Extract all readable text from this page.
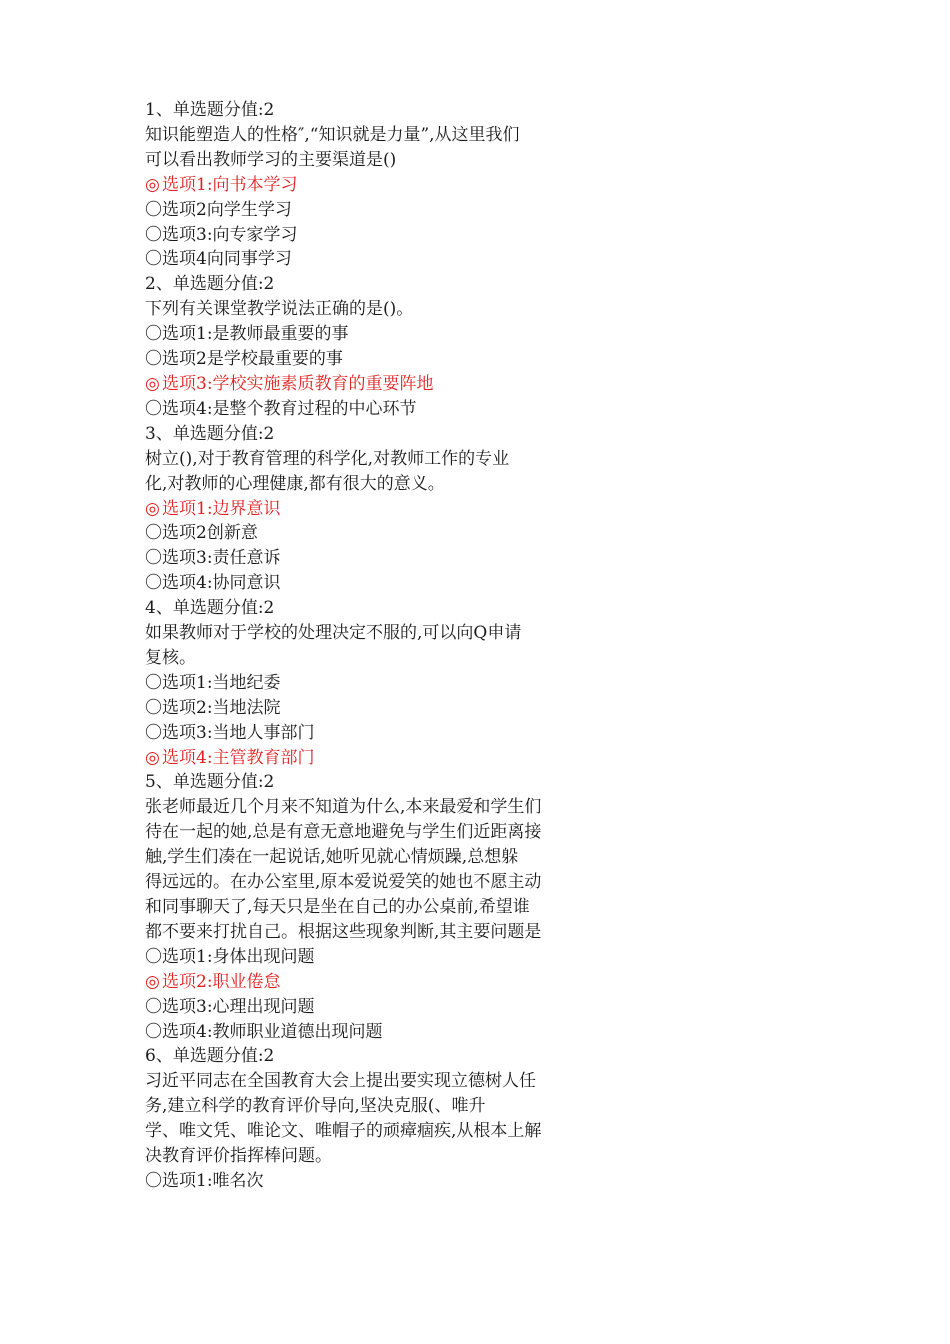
1、单选题分值:2
知识能塑造人的性格″,“知识就是力量”,从这里我们
可以看出教师学习的主要渠道是()
◎ 选项1:向书本学习
〇选项2向学生学习
〇选项3:向专家学习
〇选项4向同事学习
2、单选题分值:2
下列有关课堂教学说法正确的是()。
〇选项1:是教师最重要的事
〇选项2是学校最重要的事
◎ 选项3:学校实施素质教育的重要阵地
〇选项4:是整个教育过程的中心环节
3、单选题分值:2
树立(),对于教育管理的科学化,对教师工作的专业
化,对教师的心理健康,都有很大的意义。
◎ 选项1:边界意识
〇选项2创新意
〇选项3:责任意诉
〇选项4:协同意识
4、单选题分值:2
如果教师对于学校的处理决定不服的,可以向Q申请
复核。
〇选项1:当地纪委
〇选项2:当地法院
〇选项3:当地人事部门
◎ 选项4:主管教育部门
5、单选题分值:2
张老师最近几个月来不知道为什么,本来最爱和学生们
待在一起的她,总是有意无意地避免与学生们近距离接
触,学生们凑在一起说话,她听见就心情烦躁,总想躲
得远远的。在办公室里,原本爱说爱笑的她也不愿主动
和同事聊天了,每天只是坐在自己的办公桌前,希望谁
都不要来打扰自己。根据这些现象判断,其主要问题是
〇选项1:身体出现问题
◎ 选项2:职业倦怠
〇选项3:心理出现问题
〇选项4:教师职业道德出现问题
6、单选题分值:2
习近平同志在全国教育大会上提出要实现立德树人任
务,建立科学的教育评价导向,坚决克服(、唯升
学、唯文凭、唯论文、唯帽子的顽瘴痼疾,从根本上解
决教育评价指挥棒问题。
〇选项1:唯名次
